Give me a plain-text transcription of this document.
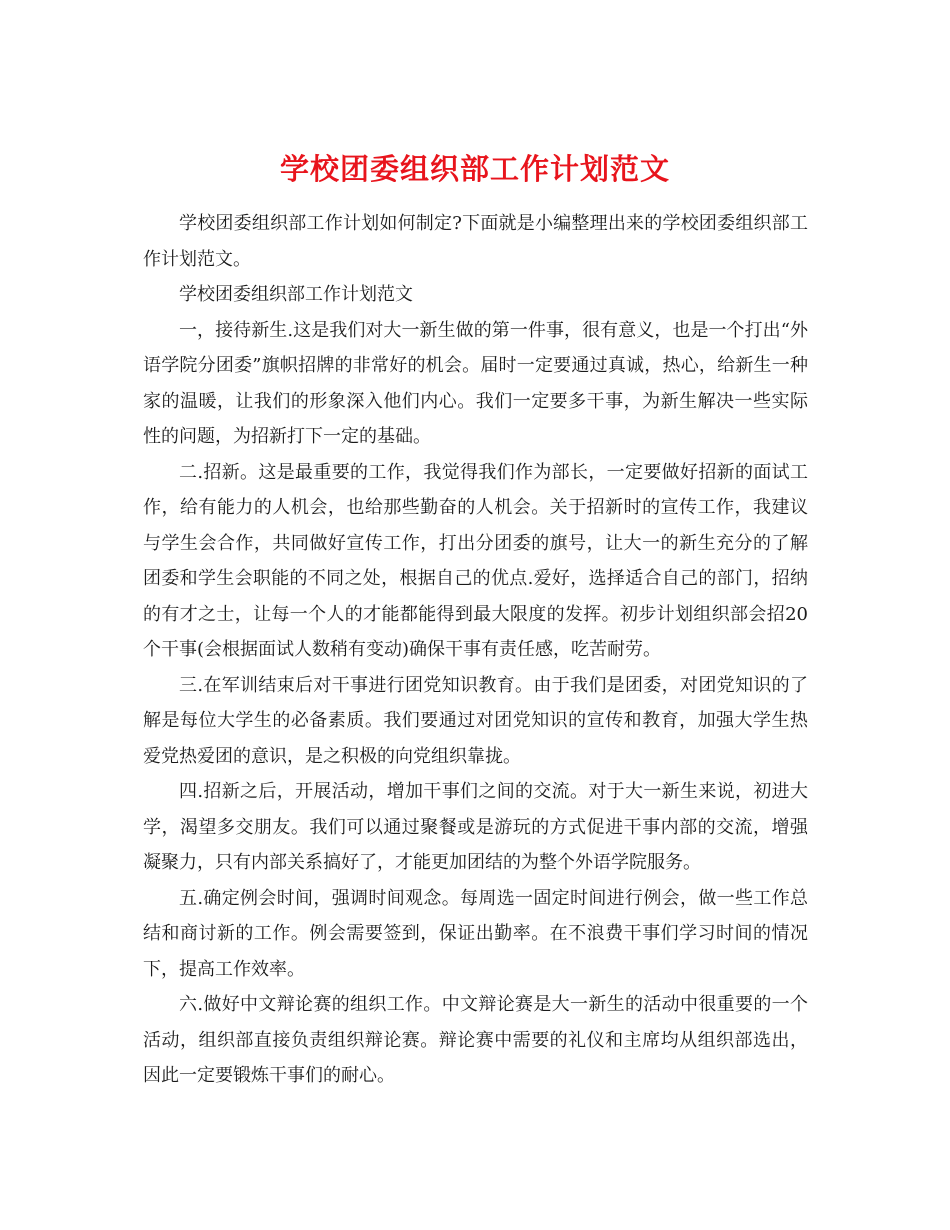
学校团委组织部工作计划范文

学校团委组织部工作计划如何制定?下面就是小编整理出来的学校团委组织部工作计划范文。

学校团委组织部工作计划范文

一，接待新生.这是我们对大一新生做的第一件事，很有意义，也是一个打出“外语学院分团委”旗帜招牌的非常好的机会。届时一定要通过真诚，热心，给新生一种家的温暖，让我们的形象深入他们内心。我们一定要多干事，为新生解决一些实际性的问题，为招新打下一定的基础。

二.招新。这是最重要的工作，我觉得我们作为部长，一定要做好招新的面试工作，给有能力的人机会，也给那些勤奋的人机会。关于招新时的宣传工作，我建议与学生会合作，共同做好宣传工作，打出分团委的旗号，让大一的新生充分的了解团委和学生会职能的不同之处，根据自己的优点.爱好，选择适合自己的部门，招纳的有才之士，让每一个人的才能都能得到最大限度的发挥。初步计划组织部会招20个干事(会根据面试人数稍有变动)确保干事有责任感，吃苦耐劳。

三.在军训结束后对干事进行团党知识教育。由于我们是团委，对团党知识的了解是每位大学生的必备素质。我们要通过对团党知识的宣传和教育，加强大学生热爱党热爱团的意识，是之积极的向党组织靠拢。

四.招新之后，开展活动，增加干事们之间的交流。对于大一新生来说，初进大学，渴望多交朋友。我们可以通过聚餐或是游玩的方式促进干事内部的交流，增强凝聚力，只有内部关系搞好了，才能更加团结的为整个外语学院服务。

五.确定例会时间，强调时间观念。每周选一固定时间进行例会，做一些工作总结和商讨新的工作。例会需要签到，保证出勤率。在不浪费干事们学习时间的情况下，提高工作效率。

六.做好中文辩论赛的组织工作。中文辩论赛是大一新生的活动中很重要的一个活动，组织部直接负责组织辩论赛。辩论赛中需要的礼仪和主席均从组织部选出，因此一定要锻炼干事们的耐心。
